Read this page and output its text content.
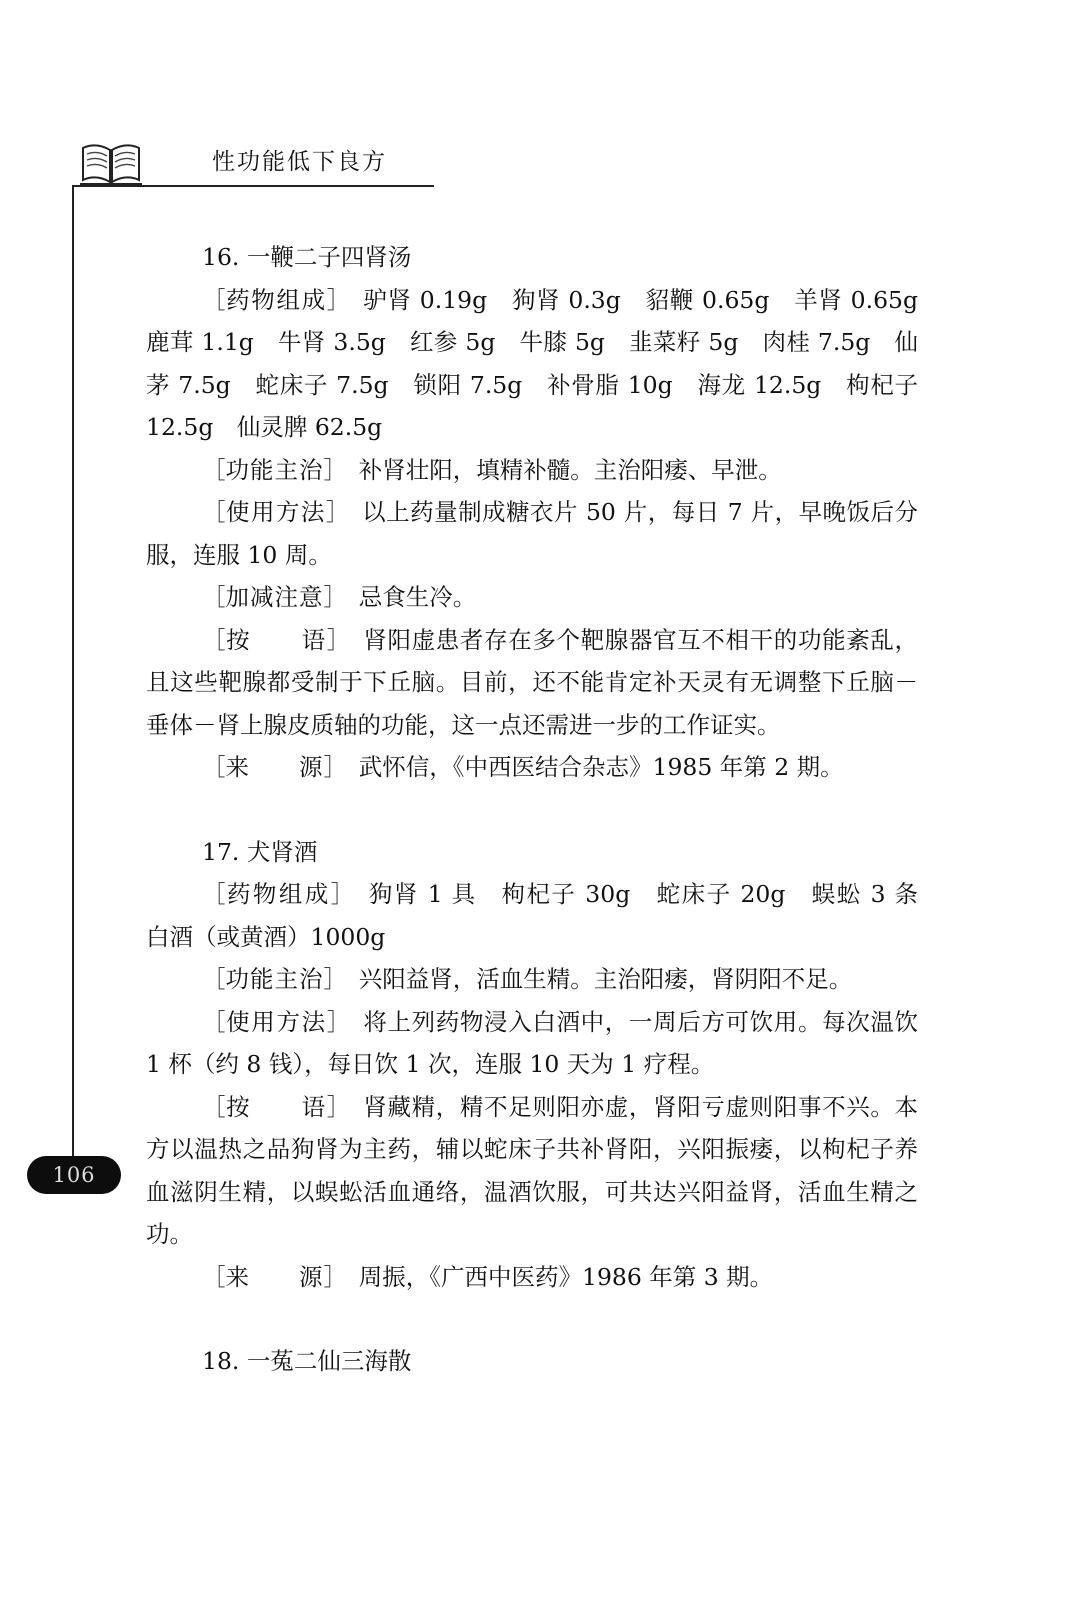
性功能低下良方
106

16. 一鞭二子四肾汤

［药物组成］　 驴肾 0.19g　狗肾 0.3g　貂鞭 0.65g　羊肾 0.65g　鹿茸 1.1g　牛肾 3.5g　红参 5g　牛膝 5g　韭菜籽 5g　肉桂 7.5g　仙茅 7.5g　蛇床子 7.5g　锁阳 7.5g　补骨脂 10g　海龙 12.5g　枸杞子 12.5g　仙灵脾 62.5g

［功能主治］　 补肾壮阳，填精补髓。主治阳痿、早泄。

［使用方法］　 以上药量制成糖衣片 50 片，每日 7 片，早晚饭后分服，连服 10 周。

［加减注意］　 忌食生冷。

［按　　语］　 肾阳虚患者存在多个靶腺器官互不相干的功能紊乱，且这些靶腺都受制于下丘脑。目前，还不能肯定补天灵有无调整下丘脑－垂体－肾上腺皮质轴的功能，这一点还需进一步的工作证实。

［来　　源］　 武怀信，《中西医结合杂志》1985 年第 2 期。

17. 犬肾酒

［药物组成］　 狗肾 1 具　枸杞子 30g　蛇床子 20g　蜈蚣 3 条　白酒（或黄酒）1000g

［功能主治］　 兴阳益肾，活血生精。主治阳痿，肾阴阳不足。

［使用方法］　 将上列药物浸入白酒中，一周后方可饮用。每次温饮 1 杯（约 8 钱），每日饮 1 次，连服 10 天为 1 疗程。

［按　　语］　 肾藏精，精不足则阳亦虚，肾阳亏虚则阳事不兴。本方以温热之品狗肾为主药，辅以蛇床子共补肾阳，兴阳振痿，以枸杞子养血滋阴生精，以蜈蚣活血通络，温酒饮服，可共达兴阳益肾，活血生精之功。

［来　　源］　 周振，《广西中医药》1986 年第 3 期。

18. 一菟二仙三海散
